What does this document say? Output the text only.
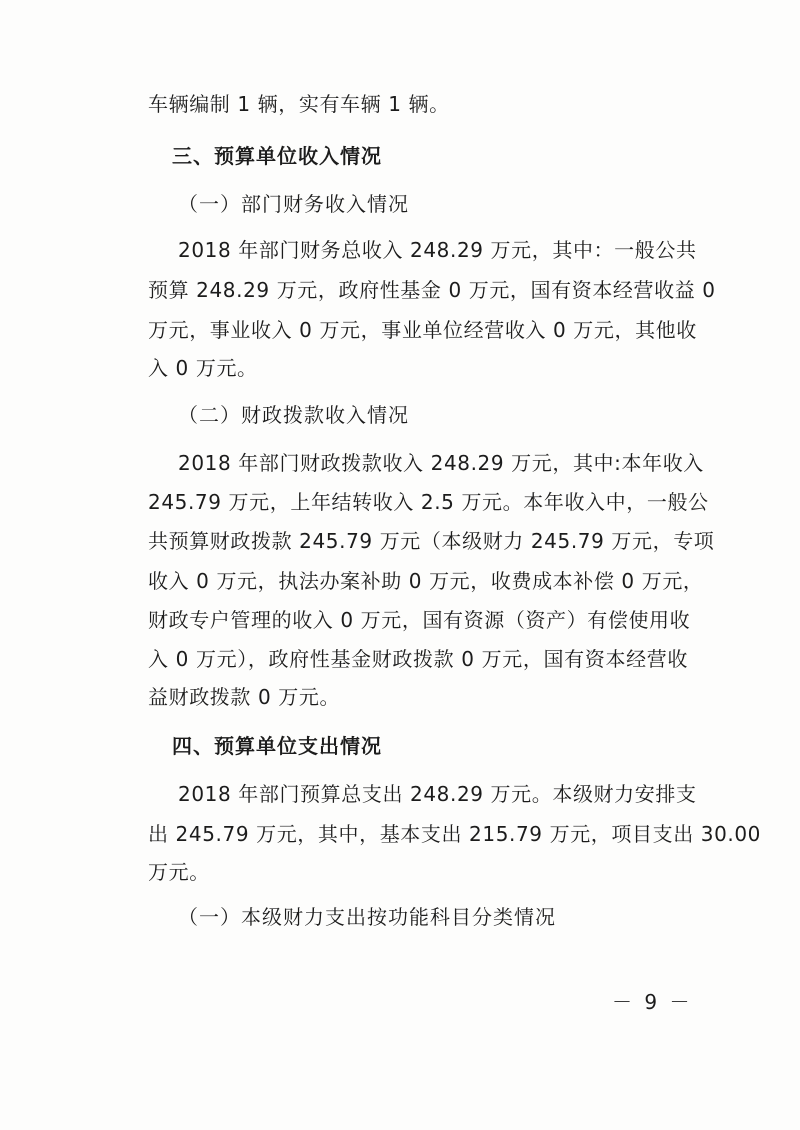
车辆编制 1 辆，实有车辆 1 辆。
三、预算单位收入情况
（一）部门财务收入情况
2018 年部门财务总收入 248.29 万元，其中：一般公共
预算 248.29 万元，政府性基金 0 万元，国有资本经营收益 0
万元，事业收入 0 万元，事业单位经营收入 0 万元，其他收
入 0 万元。
（二）财政拨款收入情况
2018 年部门财政拨款收入 248.29 万元，其中:本年收入
245.79 万元，上年结转收入 2.5 万元。本年收入中，一般公
共预算财政拨款 245.79 万元（本级财力 245.79 万元，专项
收入 0 万元，执法办案补助 0 万元，收费成本补偿 0 万元，
财政专户管理的收入 0 万元，国有资源（资产）有偿使用收
入 0 万元），政府性基金财政拨款 0 万元，国有资本经营收
益财政拨款 0 万元。
四、预算单位支出情况
2018 年部门预算总支出 248.29 万元。本级财力安排支
出 245.79 万元，其中，基本支出 215.79 万元，项目支出 30.00
万元。
（一）本级财力支出按功能科目分类情况
－ 9 －
